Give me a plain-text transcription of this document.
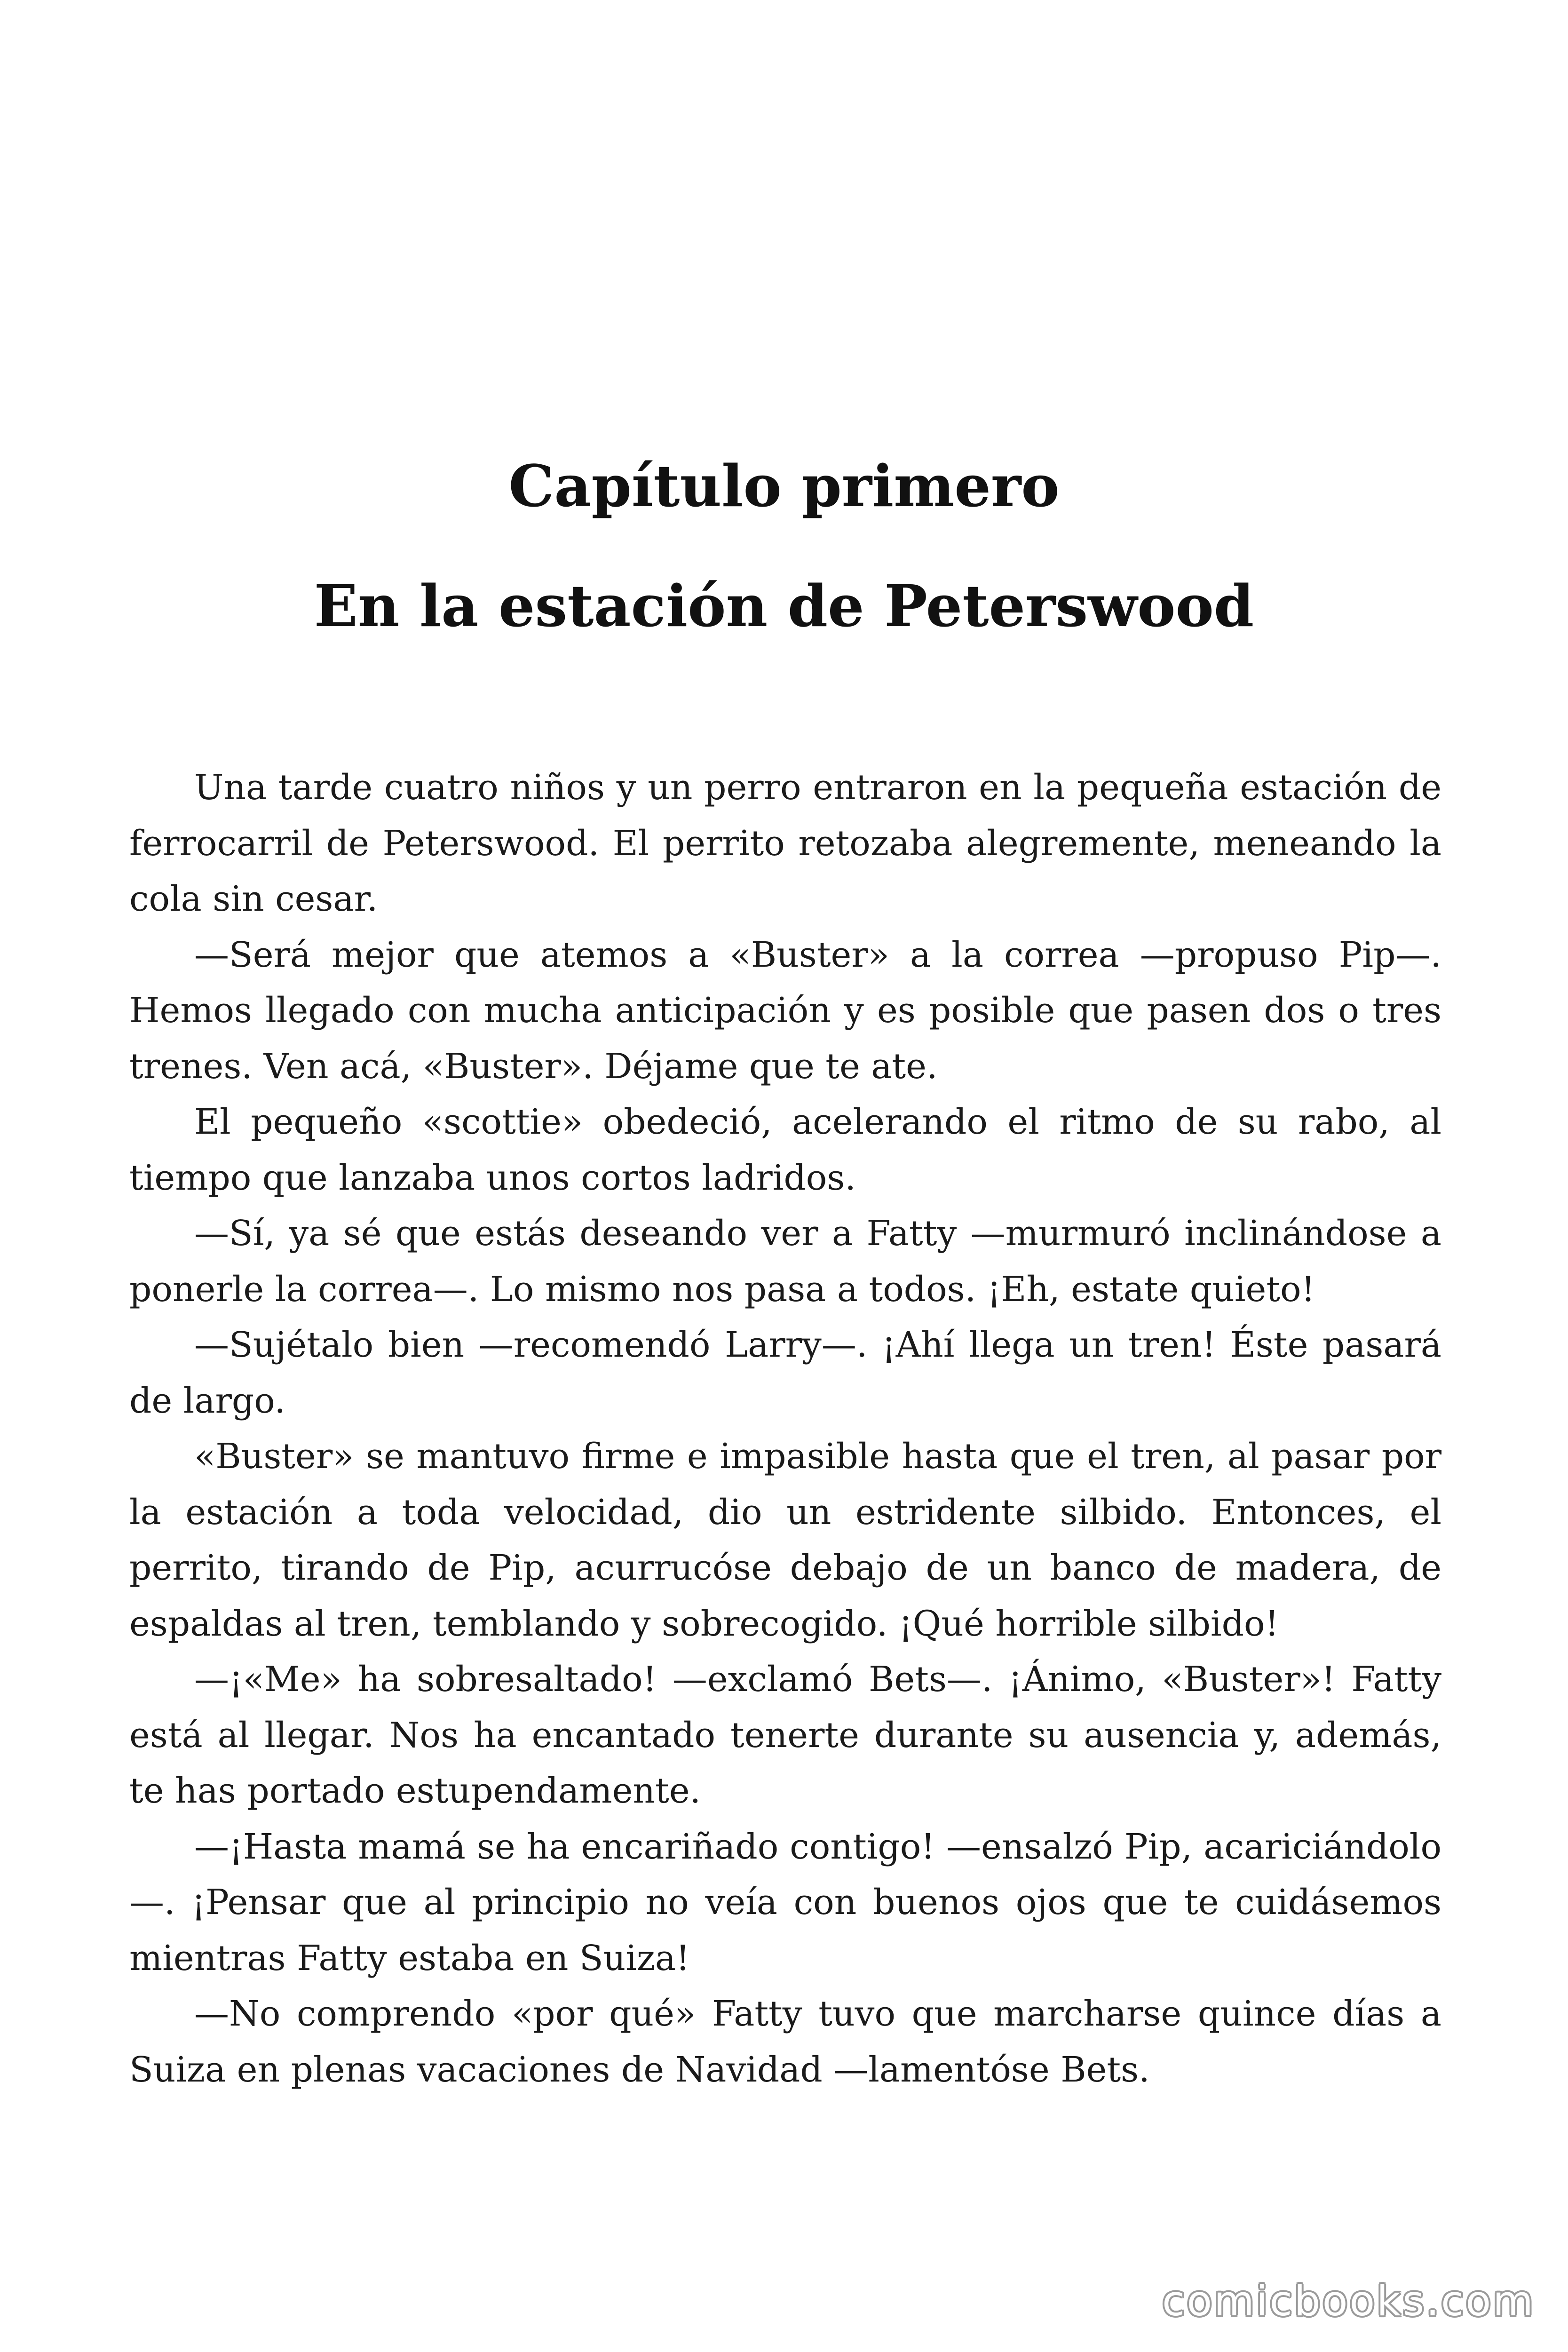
Capítulo primero
En la estación de Peterswood

Una tarde cuatro niños y un perro entraron en la pequeña estación de ferrocarril de Peterswood. El perrito retozaba alegremente, meneando la cola sin cesar.

—Será mejor que atemos a «Buster» a la correa —propuso Pip—. Hemos llegado con mucha anticipación y es posible que pasen dos o tres trenes. Ven acá, «Buster». Déjame que te ate.

El pequeño «scottie» obedeció, acelerando el ritmo de su rabo, al tiempo que lanzaba unos cortos ladridos.

—Sí, ya sé que estás deseando ver a Fatty —murmuró inclinándose a ponerle la correa—. Lo mismo nos pasa a todos. ¡Eh, estate quieto!

—Sujétalo bien —recomendó Larry—. ¡Ahí llega un tren! Éste pasará de largo.

«Buster» se mantuvo firme e impasible hasta que el tren, al pasar por la estación a toda velocidad, dio un estridente silbido. Entonces, el perrito, tirando de Pip, acurrucóse debajo de un banco de madera, de espaldas al tren, temblando y sobrecogido. ¡Qué horrible silbido!

—¡«Me» ha sobresaltado! —exclamó Bets—. ¡Ánimo, «Buster»! Fatty está al llegar. Nos ha encantado tenerte durante su ausencia y, además, te has portado estupendamente.

—¡Hasta mamá se ha encariñado contigo! —ensalzó Pip, acariciándolo—. ¡Pensar que al principio no veía con buenos ojos que te cuidásemos mientras Fatty estaba en Suiza!

—No comprendo «por qué» Fatty tuvo que marcharse quince días a Suiza en plenas vacaciones de Navidad —lamentóse Bets.

comicbooks.com
